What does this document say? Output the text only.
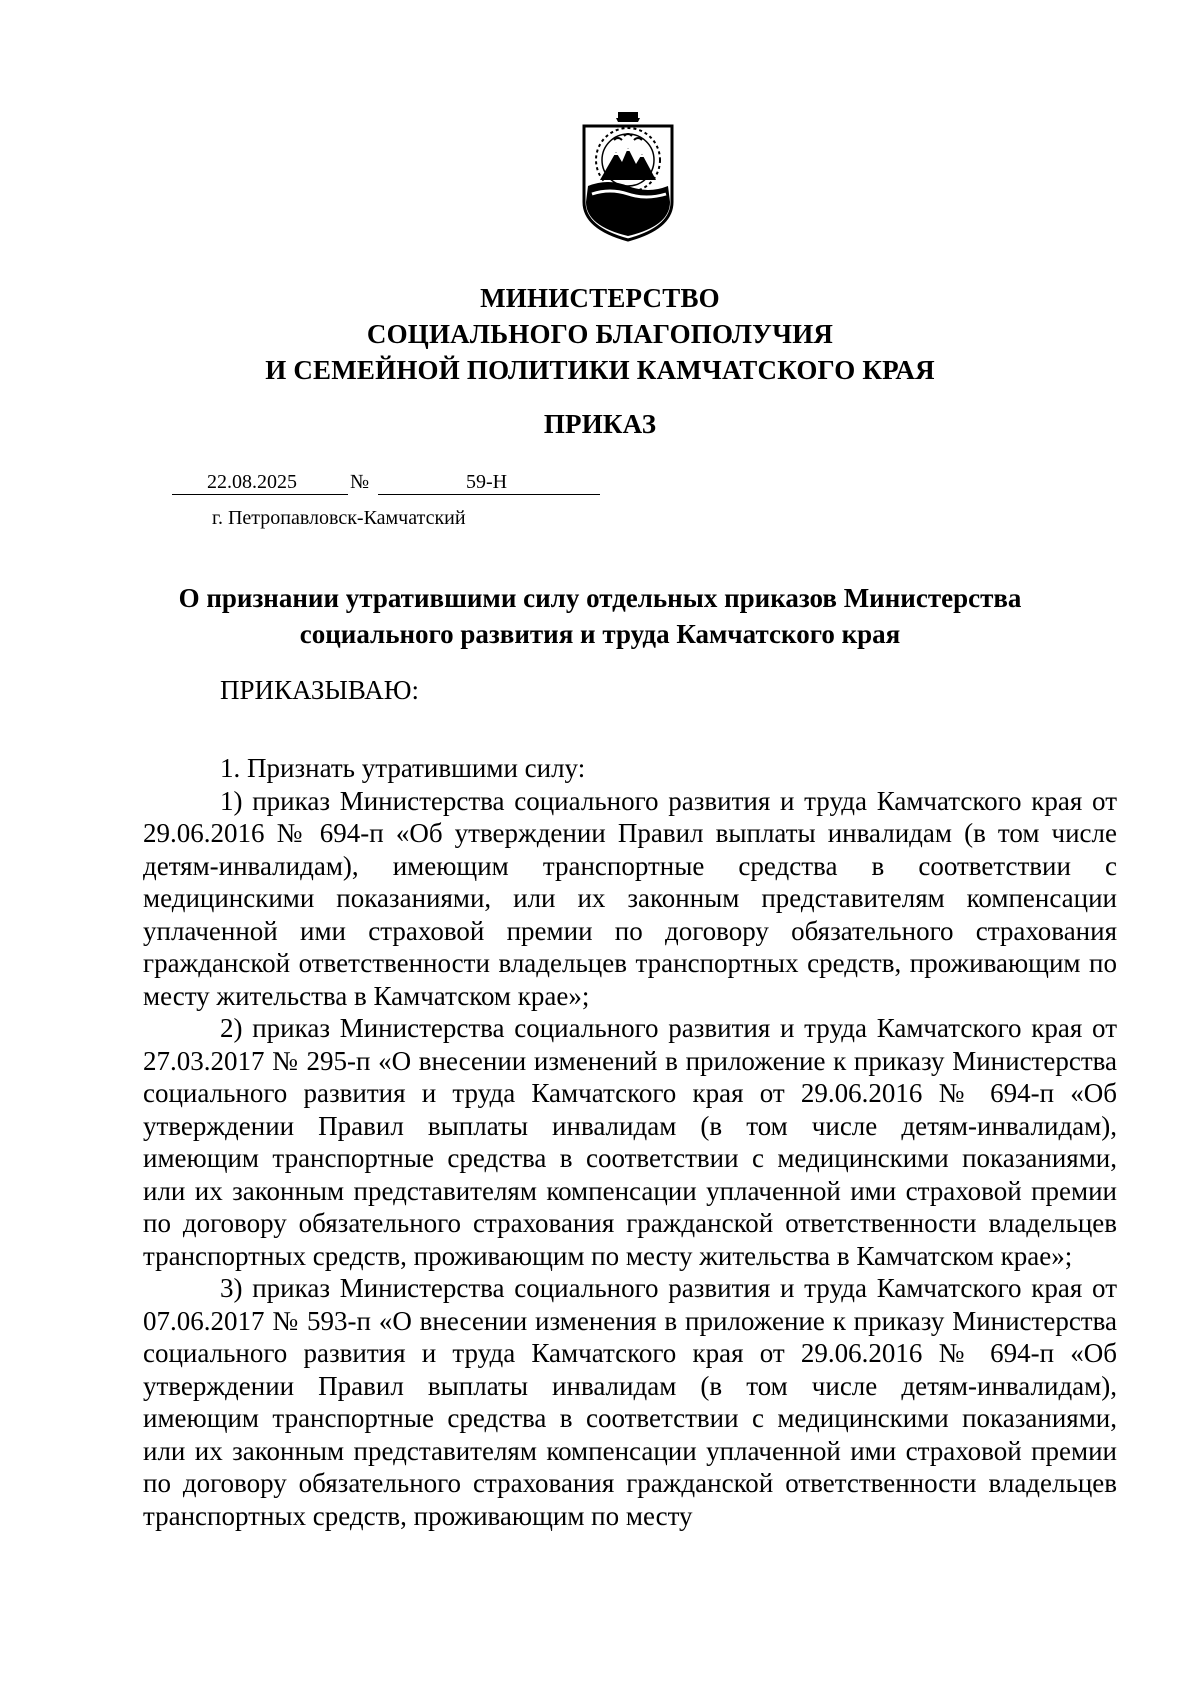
МИНИСТЕРСТВО
СОЦИАЛЬНОГО БЛАГОПОЛУЧИЯ
И СЕМЕЙНОЙ ПОЛИТИКИ КАМЧАТСКОГО КРАЯ
ПРИКАЗ
22.08.2025	№	59-Н
г. Петропавловск-Камчатский
О признании утратившими силу отдельных приказов Министерства
социального развития и труда Камчатского края
ПРИКАЗЫВАЮ:

1. Признать утратившими силу:

1) приказ Министерства социального развития и труда Камчатского края от 29.06.2016 № 694-п «Об утверждении Правил выплаты инвалидам (в том числе детям-инвалидам), имеющим транспортные средства в соответствии с медицинскими показаниями, или их законным представителям компенсации уплаченной ими страховой премии по договору обязательного страхования гражданской ответственности владельцев транспортных средств, проживающим по месту жительства в Камчатском крае»;

2) приказ Министерства социального развития и труда Камчатского края от 27.03.2017 № 295-п «О внесении изменений в приложение к приказу Министерства социального развития и труда Камчатского края от 29.06.2016 № 694-п «Об утверждении Правил выплаты инвалидам (в том числе детям-инвалидам), имеющим транспортные средства в соответствии с медицинскими показаниями, или их законным представителям компенсации уплаченной ими страховой премии по договору обязательного страхования гражданской ответственности владельцев транспортных средств, проживающим по месту жительства в Камчатском крае»;

3) приказ Министерства социального развития и труда Камчатского края от 07.06.2017 № 593-п «О внесении изменения в приложение к приказу Министерства социального развития и труда Камчатского края от 29.06.2016 № 694-п «Об утверждении Правил выплаты инвалидам (в том числе детям-инвалидам), имеющим транспортные средства в соответствии с медицинскими показаниями, или их законным представителям компенсации уплаченной ими страховой премии по договору обязательного страхования гражданской ответственности владельцев транспортных средств, проживающим по месту
